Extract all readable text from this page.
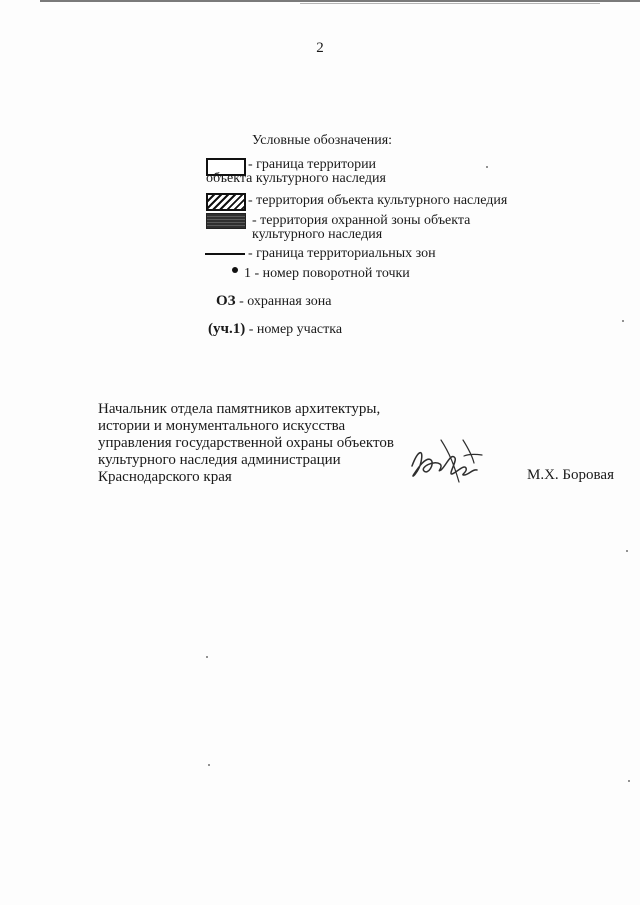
2
Условные обозначения:
- граница территории
объекта культурного наследия
- территория объекта культурного наследия
- территория охранной зоны объекта
культурного наследия
- граница территориальных зон
1 - номер поворотной точки
ОЗ - охранная зона
(уч.1) - номер участка
Начальник отдела памятников архитектуры,
истории и монументального искусства
управления государственной охраны объектов
культурного наследия администрации
Краснодарского края	М.Х. Боровая
